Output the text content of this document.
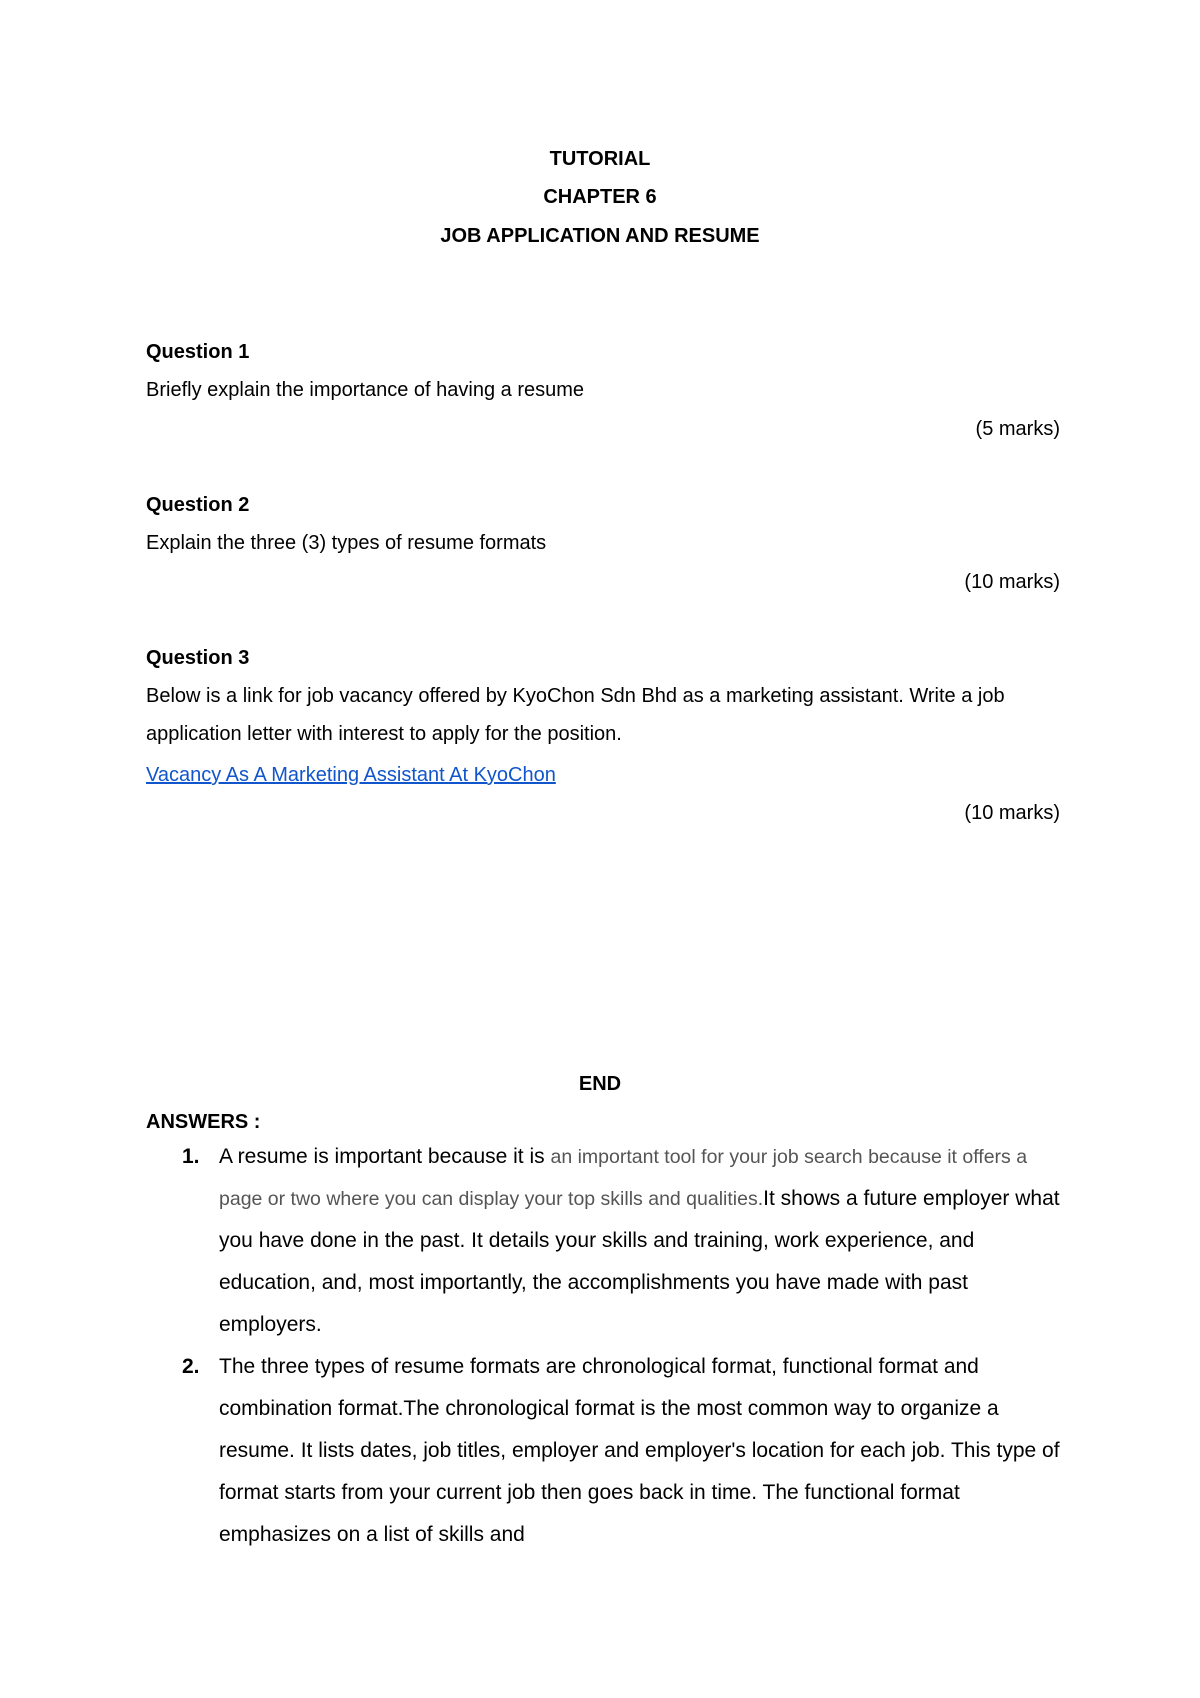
TUTORIAL
CHAPTER 6
JOB APPLICATION AND RESUME
Question 1
Briefly explain the importance of having a resume
(5 marks)
Question 2
Explain the three (3) types of resume formats
(10 marks)
Question 3
Below is a link for job vacancy offered by KyoChon Sdn Bhd as a marketing assistant. Write a job application letter with interest to apply for the position.
Vacancy As A Marketing Assistant At KyoChon
(10 marks)
END
ANSWERS :
1. A resume is important because it is an important tool for your job search because it offers a page or two where you can display your top skills and qualities.It shows a future employer what you have done in the past. It details your skills and training, work experience, and education, and, most importantly, the accomplishments you have made with past employers.
2. The three types of resume formats are chronological format, functional format and combination format.The chronological format is the most common way to organize a resume. It lists dates, job titles, employer and employer's location for each job. This type of format starts from your current job then goes back in time. The functional format emphasizes on a list of skills and
